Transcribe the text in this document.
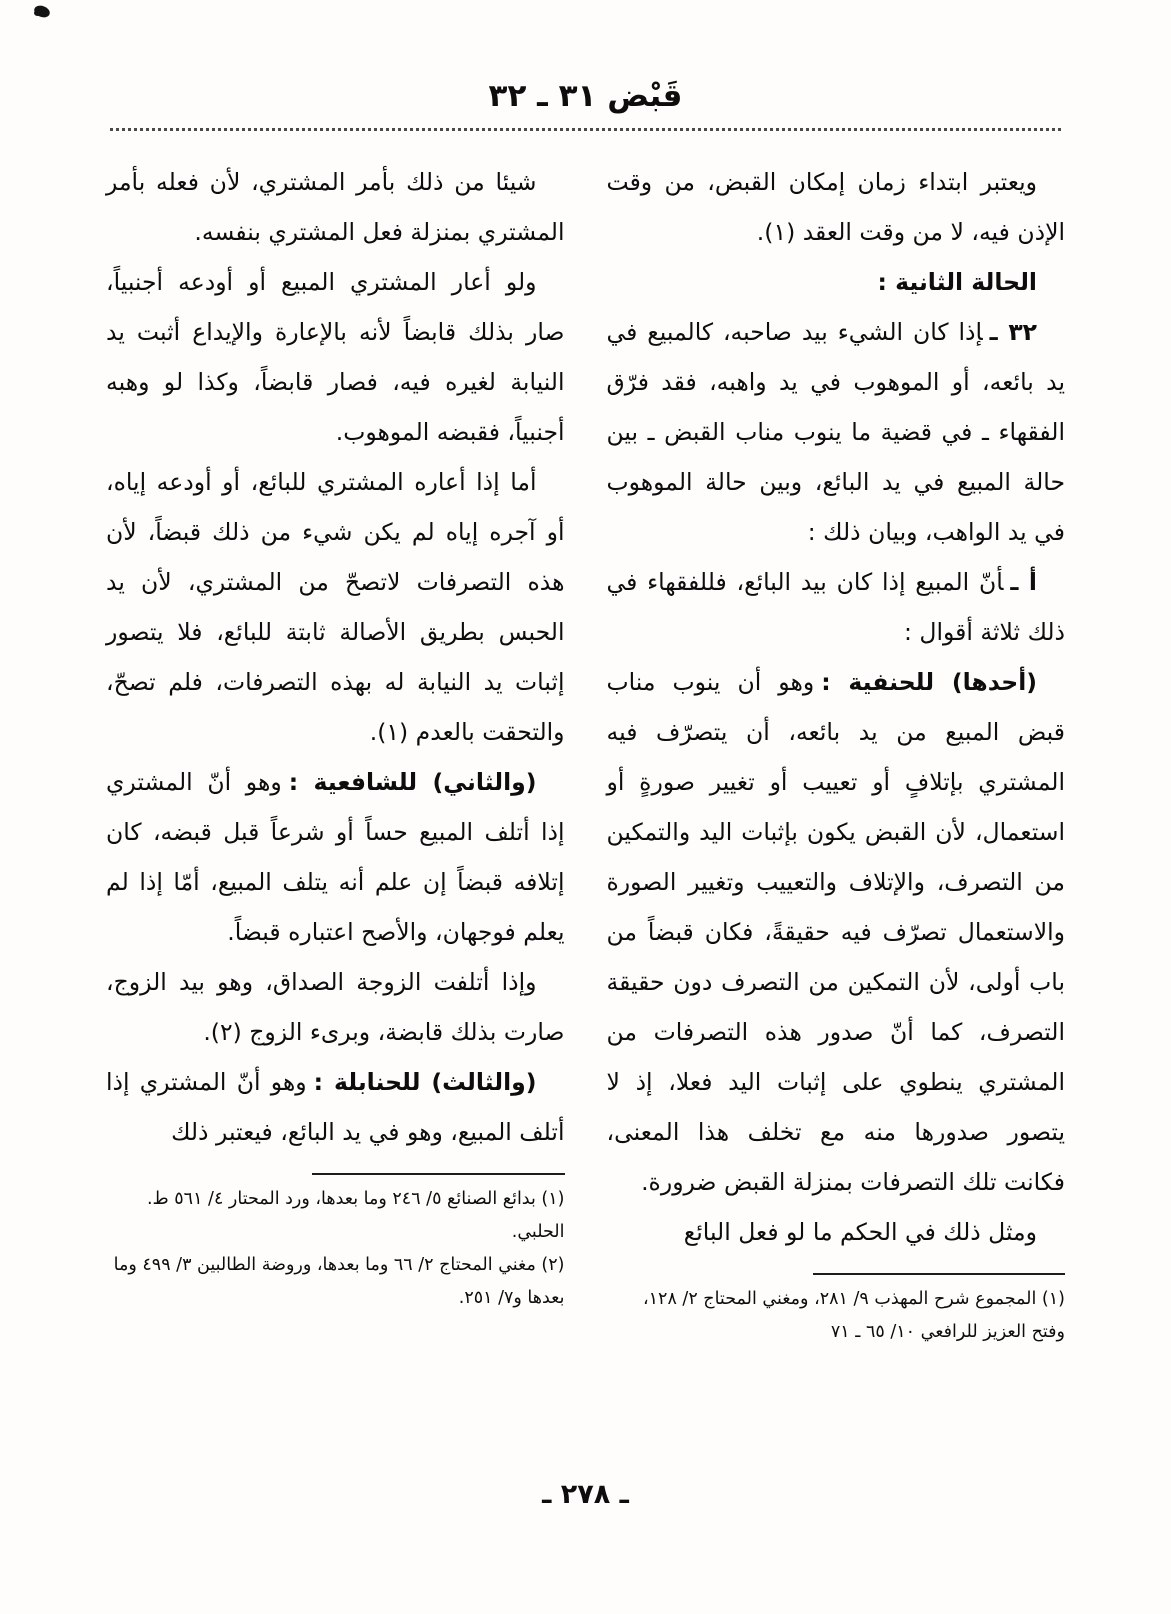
قَبْض ٣١ ـ ٣٢

ويعتبر ابتداء زمان إمكان القبض، من وقت الإذن فيه، لا من وقت العقد (١).

الحالة الثانية :

٣٢ ـإذا كان الشيء بيد صاحبه، كالمبيع في يد بائعه، أو الموهوب في يد واهبه، فقد فرّق الفقهاء ـ في قضية ما ينوب مناب القبض ـ بين حالة المبيع في يد البائع، وبين حالة الموهوب في يد الواهب، وبيان ذلك :

أ ـأنّ المبيع إذا كان بيد البائع، فللفقهاء في ذلك ثلاثة أقوال :

(أحدها) للحنفية :وهو أن ينوب مناب قبض المبيع من يد بائعه، أن يتصرّف فيه المشتري بإتلافٍ أو تعييب أو تغيير صورةٍ أو استعمال، لأن القبض يكون بإثبات اليد والتمكين من التصرف، والإتلاف والتعييب وتغيير الصورة والاستعمال تصرّف فيه حقيقةً، فكان قبضاً من باب أولى، لأن التمكين من التصرف دون حقيقة التصرف، كما أنّ صدور هذه التصرفات من المشتري ينطوي على إثبات اليد فعلا، إذ لا يتصور صدورها منه مع تخلف هذا المعنى، فكانت تلك التصرفات بمنزلة القبض ضرورة.

ومثل ذلك في الحكم ما لو فعل البائع

(١) المجموع شرح المهذب ٩/ ٢٨١، ومغني المحتاج ٢/ ١٢٨، وفتح العزيز للرافعي ١٠/ ٦٥ ـ ٧١

شيئا من ذلك بأمر المشتري، لأن فعله بأمر المشتري بمنزلة فعل المشتري بنفسه.

ولو أعار المشتري المبيع أو أودعه أجنبياً، صار بذلك قابضاً لأنه بالإعارة والإيداع أثبت يد النيابة لغيره فيه، فصار قابضاً، وكذا لو وهبه أجنبياً، فقبضه الموهوب.

أما إذا أعاره المشتري للبائع، أو أودعه إياه، أو آجره إياه لم يكن شيء من ذلك قبضاً، لأن هذه التصرفات لاتصحّ من المشتري، لأن يد الحبس بطريق الأصالة ثابتة للبائع، فلا يتصور إثبات يد النيابة له بهذه التصرفات، فلم تصحّ، والتحقت بالعدم (١).

(والثاني) للشافعية :وهو أنّ المشتري إذا أتلف المبيع حساً أو شرعاً قبل قبضه، كان إتلافه قبضاً إن علم أنه يتلف المبيع، أمّا إذا لم يعلم فوجهان، والأصح اعتباره قبضاً.

وإذا أتلفت الزوجة الصداق، وهو بيد الزوج، صارت بذلك قابضة، وبرىء الزوج (٢).

(والثالث) للحنابلة :وهو أنّ المشتري إذا أتلف المبيع، وهو في يد البائع، فيعتبر ذلك

(١) بدائع الصنائع ٥/ ٢٤٦ وما بعدها، ورد المحتار ٤/ ٥٦١ ط. الحلبي.

(٢) مغني المحتاج ٢/ ٦٦ وما بعدها، وروضة الطالبين ٣/ ٤٩٩ وما بعدها و٧/ ٢٥١.

ـ ٢٧٨ ـ
